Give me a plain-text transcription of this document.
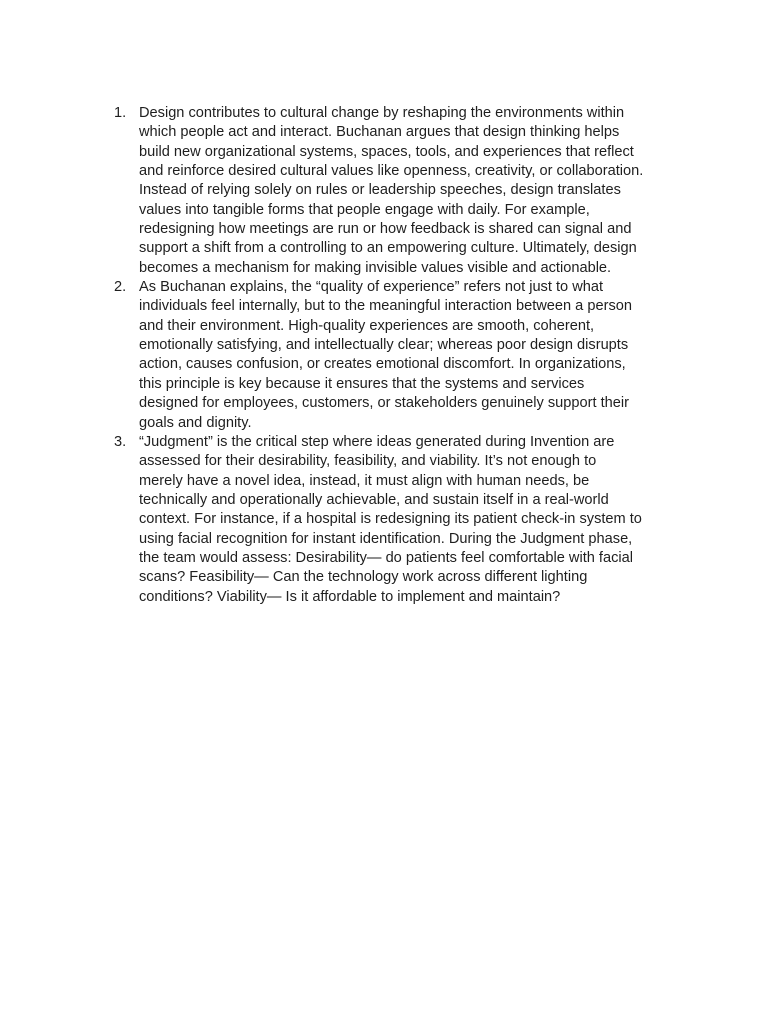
1. Design contributes to cultural change by reshaping the environments within
which people act and interact. Buchanan argues that design thinking helps
build new organizational systems, spaces, tools, and experiences that reflect
and reinforce desired cultural values like openness, creativity, or collaboration.
Instead of relying solely on rules or leadership speeches, design translates
values into tangible forms that people engage with daily. For example,
redesigning how meetings are run or how feedback is shared can signal and
support a shift from a controlling to an empowering culture. Ultimately, design
becomes a mechanism for making invisible values visible and actionable.
2. As Buchanan explains, the “quality of experience” refers not just to what
individuals feel internally, but to the meaningful interaction between a person
and their environment. High-quality experiences are smooth, coherent,
emotionally satisfying, and intellectually clear; whereas poor design disrupts
action, causes confusion, or creates emotional discomfort. In organizations,
this principle is key because it ensures that the systems and services
designed for employees, customers, or stakeholders genuinely support their
goals and dignity.
3. “Judgment” is the critical step where ideas generated during Invention are
assessed for their desirability, feasibility, and viability. It’s not enough to
merely have a novel idea, instead, it must align with human needs, be
technically and operationally achievable, and sustain itself in a real-world
context. For instance, if a hospital is redesigning its patient check-in system to
using facial recognition for instant identification. During the Judgment phase,
the team would assess: Desirability— do patients feel comfortable with facial
scans? Feasibility— Can the technology work across different lighting
conditions? Viability— Is it affordable to implement and maintain?
